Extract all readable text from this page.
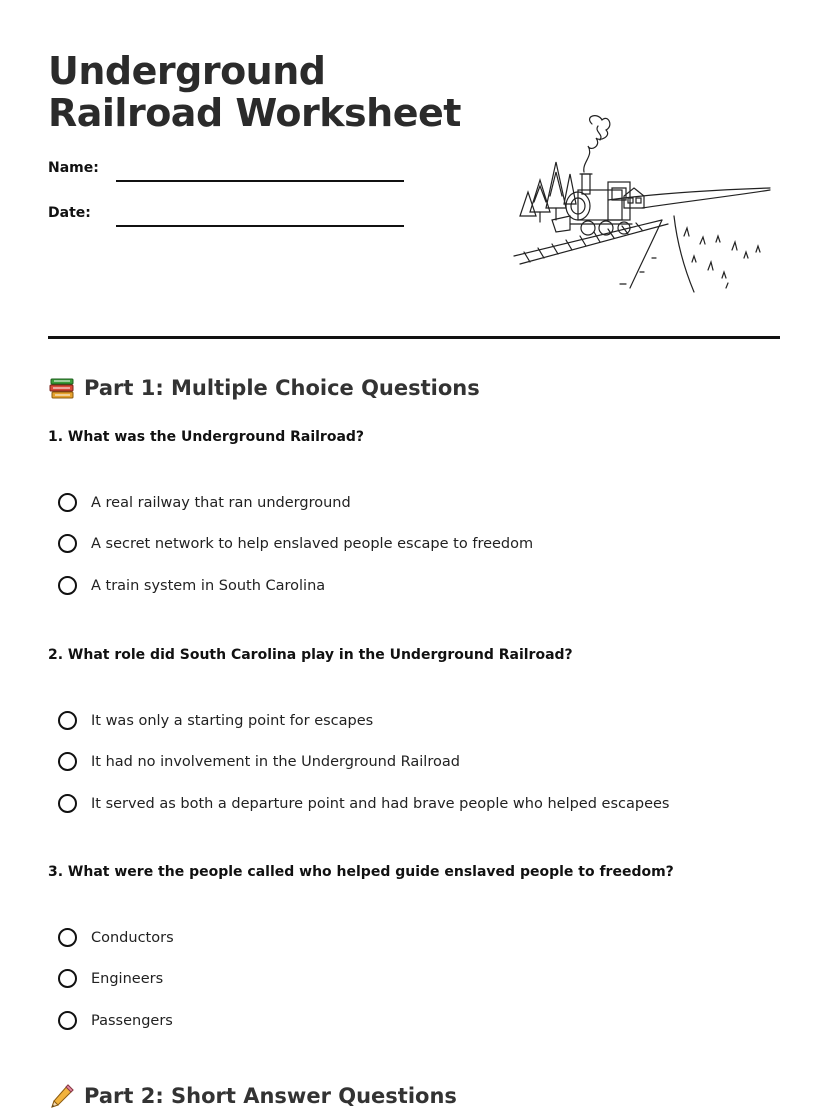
Underground Railroad Worksheet
Name:
Date:
Part 1: Multiple Choice Questions
1. What was the Underground Railroad?
A real railway that ran underground
A secret network to help enslaved people escape to freedom
A train system in South Carolina
2. What role did South Carolina play in the Underground Railroad?
It was only a starting point for escapes
It had no involvement in the Underground Railroad
It served as both a departure point and had brave people who helped escapees
3. What were the people called who helped guide enslaved people to freedom?
Conductors
Engineers
Passengers
Part 2: Short Answer Questions
